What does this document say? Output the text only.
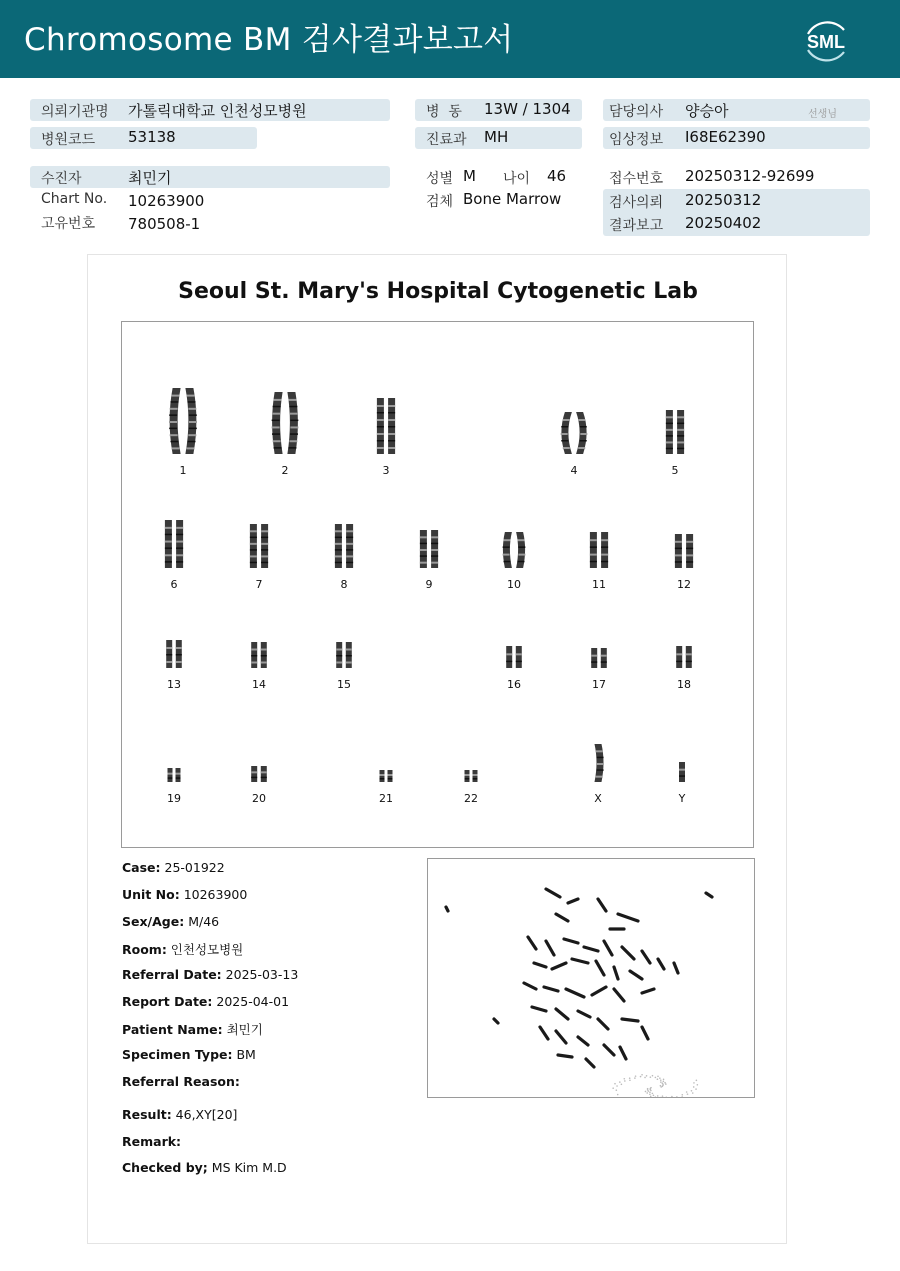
Chromosome BM 검사결과보고서	SML
의뢰기관명 가톨릭대학교 인천성모병원
병원코드 53138
병  동 13W / 1304
진료과 MH
담당의사 양승아	선생님
임상정보 I68E62390
수진자	최민기
Chart No. 10263900
고유번호 780508-1
성별 M 나이 46
검체 Bone Marrow
접수번호 20250312-92699
검사의뢰 20250312
결과보고 20250402
Seoul St. Mary's Hospital Cytogenetic Lab
1	2	3	4	5
6	7	8	9	10	11	12
13	14	15	16	17	18
19	20	21	22	X	Y
Case: 25-01922
Unit No: 10263900
Sex/Age: M/46
Room: 인천성모병원
Referral Date: 2025-03-13
Report Date: 2025-04-01
Patient Name: 최민기
Specimen Type: BM
Referral Reason:
Result: 46,XY[20]
Remark:
Checked by; MS Kim M.D
